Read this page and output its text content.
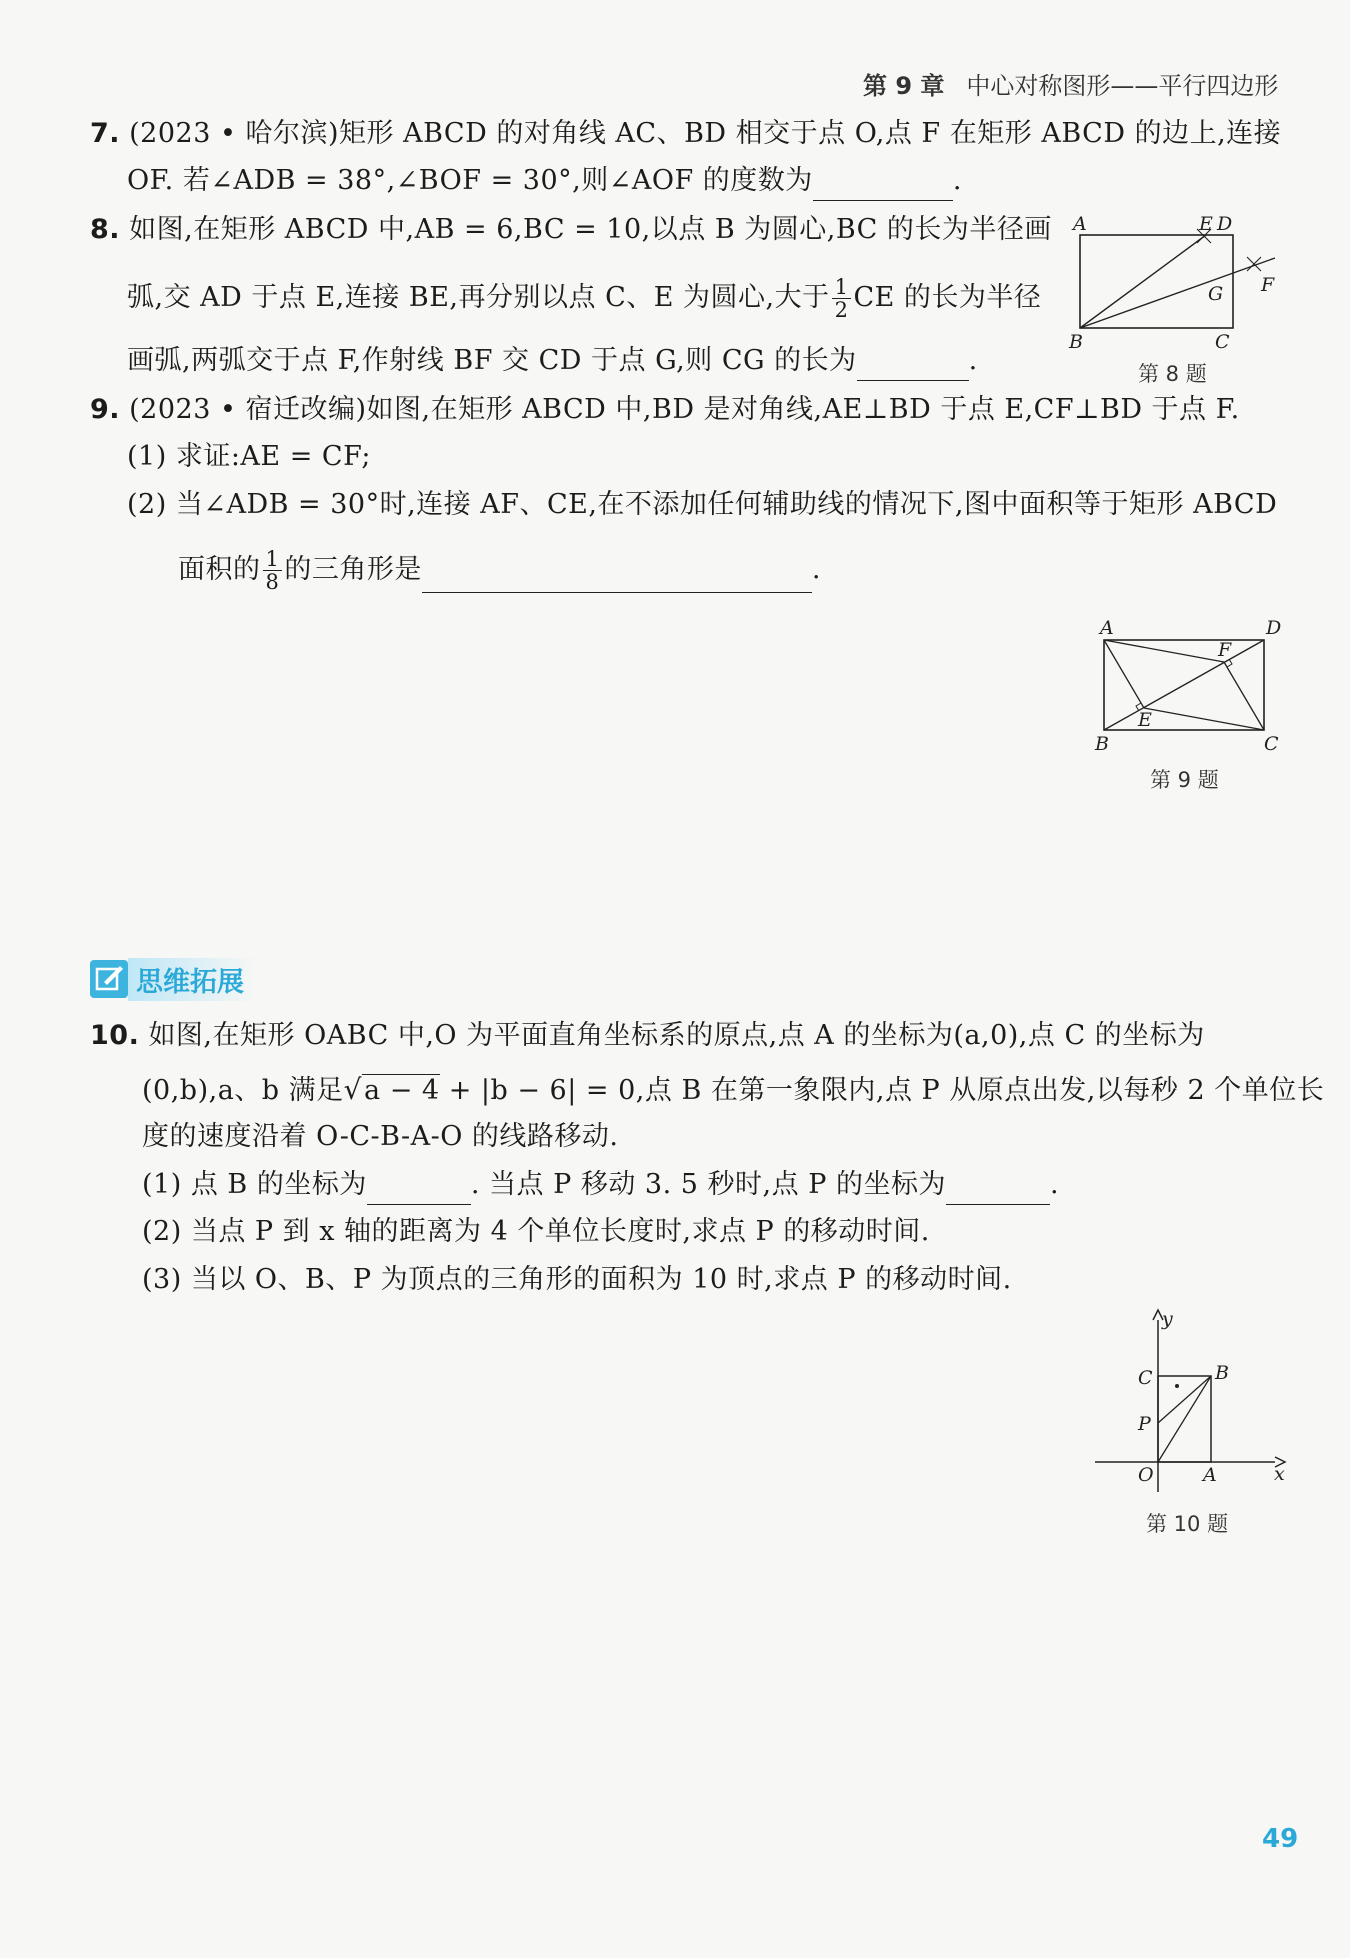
第 9 章 中心对称图形——平行四边形
7. (2023 • 哈尔滨)矩形 ABCD 的对角线 AC、BD 相交于点 O,点 F 在矩形 ABCD 的边上,连接
OF. 若∠ADB = 38°,∠BOF = 30°,则∠AOF 的度数为	.
8. 如图,在矩形 ABCD 中,AB = 6,BC = 10,以点 B 为圆心,BC 的长为半径画
弧,交 AD 于点 E,连接 BE,再分别以点 C、E 为圆心,大于 $\frac{1}{2}$ CE 的长为半径
画弧,两弧交于点 F,作射线 BF 交 CD 于点 G,则 CG 的长为	.
A	E D
F
G
B	C
第 8 题
9. (2023 • 宿迁改编)如图,在矩形 ABCD 中,BD 是对角线,AE⊥BD 于点 E,CF⊥BD 于点 F.
(1) 求证:AE = CF;
(2) 当∠ADB = 30°时,连接 AF、CE,在不添加任何辅助线的情况下,图中面积等于矩形 ABCD
面积的 $\frac{1}{8}$ 的三角形是	.
A	D
F
E
B	C
第 9 题
思维拓展
10. 如图,在矩形 OABC 中,O 为平面直角坐标系的原点,点 A 的坐标为(a,0),点 C 的坐标为
(0,b),a、b 满足√a − 4 + |b − 6| = 0,点 B 在第一象限内,点 P 从原点出发,以每秒 2 个单位长
度的速度沿着 O-C-B-A-O 的线路移动.
(1) 点 B 的坐标为	. 当点 P 移动 3. 5 秒时,点 P 的坐标为	.
(2) 当点 P 到 x 轴的距离为 4 个单位长度时,求点 P 的移动时间.
(3) 当以 O、B、P 为顶点的三角形的面积为 10 时,求点 P 的移动时间.
y
C	B
P
O	A	x
第 10 题
49
